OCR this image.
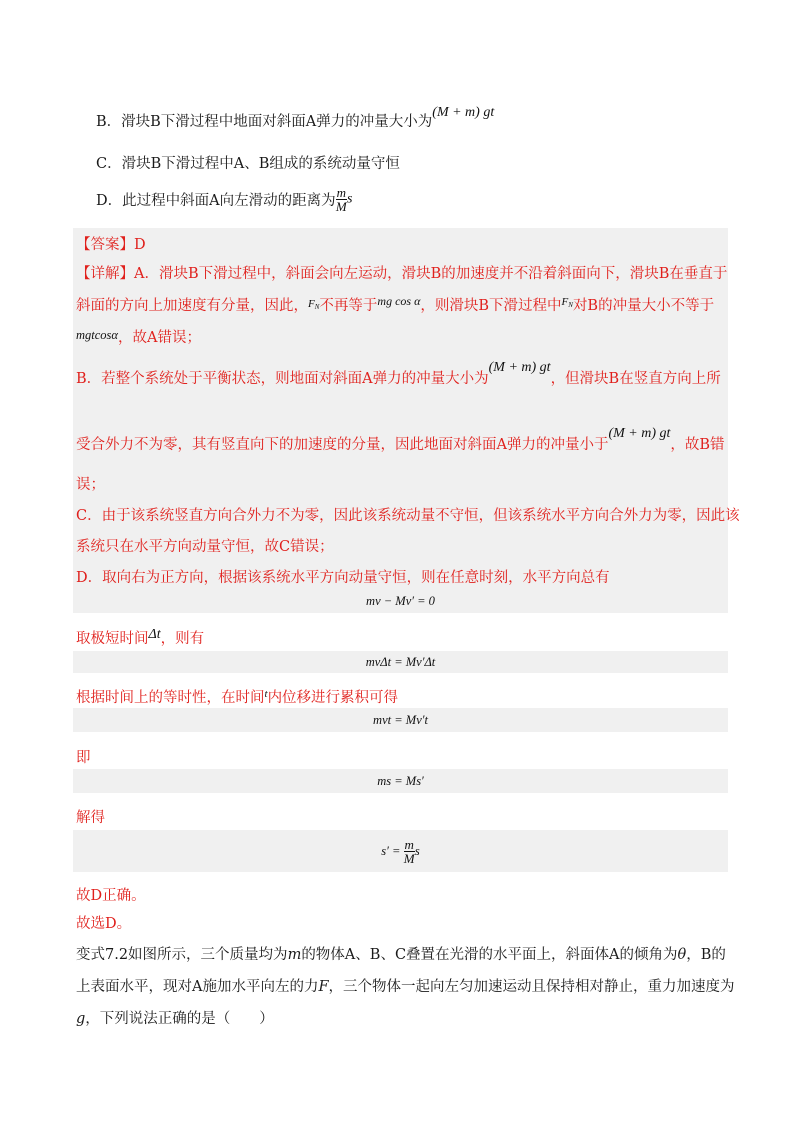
B．滑块B下滑过程中地面对斜面A弹力的冲量大小为(M + m) gt
C．滑块B下滑过程中A、B组成的系统动量守恒
D．此过程中斜面A向左滑动的距离为 $\frac{m}{M}$ s
【答案】D
【详解】A．滑块B下滑过程中，斜面会向左运动，滑块B的加速度并不沿着斜面向下，滑块B在垂直于
斜面的方向上加速度有分量，因此，$^F$N不再等于$^{mg cos \alpha}$，则滑块B下滑过程中$^{FN}$对B的冲量大小不等于
mgtcosα，故A错误；
B．若整个系统处于平衡状态，则地面对斜面A弹力的冲量大小为(M + m) gt，但滑块B在竖直方向上所
受合外力不为零，其有竖直向下的加速度的分量，因此地面对斜面A弹力的冲量小于(M + m) gt，故B错
误；
C．由于该系统竖直方向合外力不为零，因此该系统动量不守恒，但该系统水平方向合外力为零，因此该
系统只在水平方向动量守恒，故C错误；
D．取向右为正方向，根据该系统水平方向动量守恒，则在任意时刻，水平方向总有
mv − Mv′ = 0
取极短时间Δt，则有
mvΔt = Mv′Δt
根据时间上的等时性，在时间$^t$内位移进行累积可得
mvt = Mv′t
即
ms = Ms′
解得
$s' = \frac{m}{M}$ s
故D正确。
故选D。
变式7.2如图所示，三个质量均为m的物体A、B、C叠置在光滑的水平面上，斜面体A的倾角为θ，B的
上表面水平，现对A施加水平向左的力F，三个物体一起向左匀加速运动且保持相对静止，重力加速度为
g，下列说法正确的是（　　）
